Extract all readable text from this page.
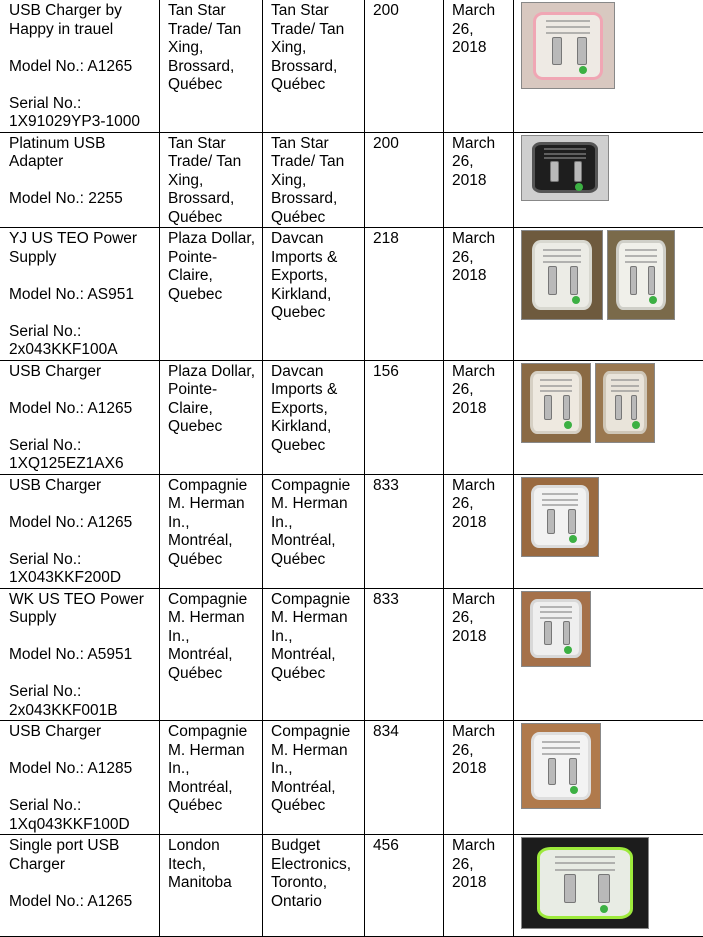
USB Charger by Happy in trauel
Model No.: A1265
Serial No.: 1X91029YP3-1000	Tan Star Trade/ Tan Xing, Brossard, Québec	Tan Star Trade/ Tan Xing, Brossard, Québec	200	March 26, 2018	

Platinum USB Adapter
Model No.: 2255	Tan Star Trade/ Tan Xing, Brossard, Québec	Tan Star Trade/ Tan Xing, Brossard, Québec	200	March 26, 2018	

YJ US TEO Power Supply
Model No.: AS951
Serial No.: 2x043KKF100A	Plaza Dollar, Pointe-Claire, Quebec	Davcan Imports & Exports, Kirkland, Quebec	218	March 26, 2018	

USB Charger
Model No.: A1265
Serial No.: 1XQ125EZ1AX6	Plaza Dollar, Pointe-Claire, Quebec	Davcan Imports & Exports, Kirkland, Quebec	156	March 26, 2018	

USB Charger
Model No.: A1265
Serial No.: 1X043KKF200D	Compagnie M. Herman In., Montréal, Québec	Compagnie M. Herman In., Montréal, Québec	833	March 26, 2018	

WK US TEO Power Supply
Model No.: A5951
Serial No.: 2x043KKF001B	Compagnie M. Herman In., Montréal, Québec	Compagnie M. Herman In., Montréal, Québec	833	March 26, 2018	

USB Charger
Model No.: A1285
Serial No.: 1Xq043KKF100D	Compagnie M. Herman In., Montréal, Québec	Compagnie M. Herman In., Montréal, Québec	834	March 26, 2018	

Single port USB Charger
Model No.: A1265	London Itech, Manitoba	Budget Electronics, Toronto, Ontario	456	March 26, 2018	
